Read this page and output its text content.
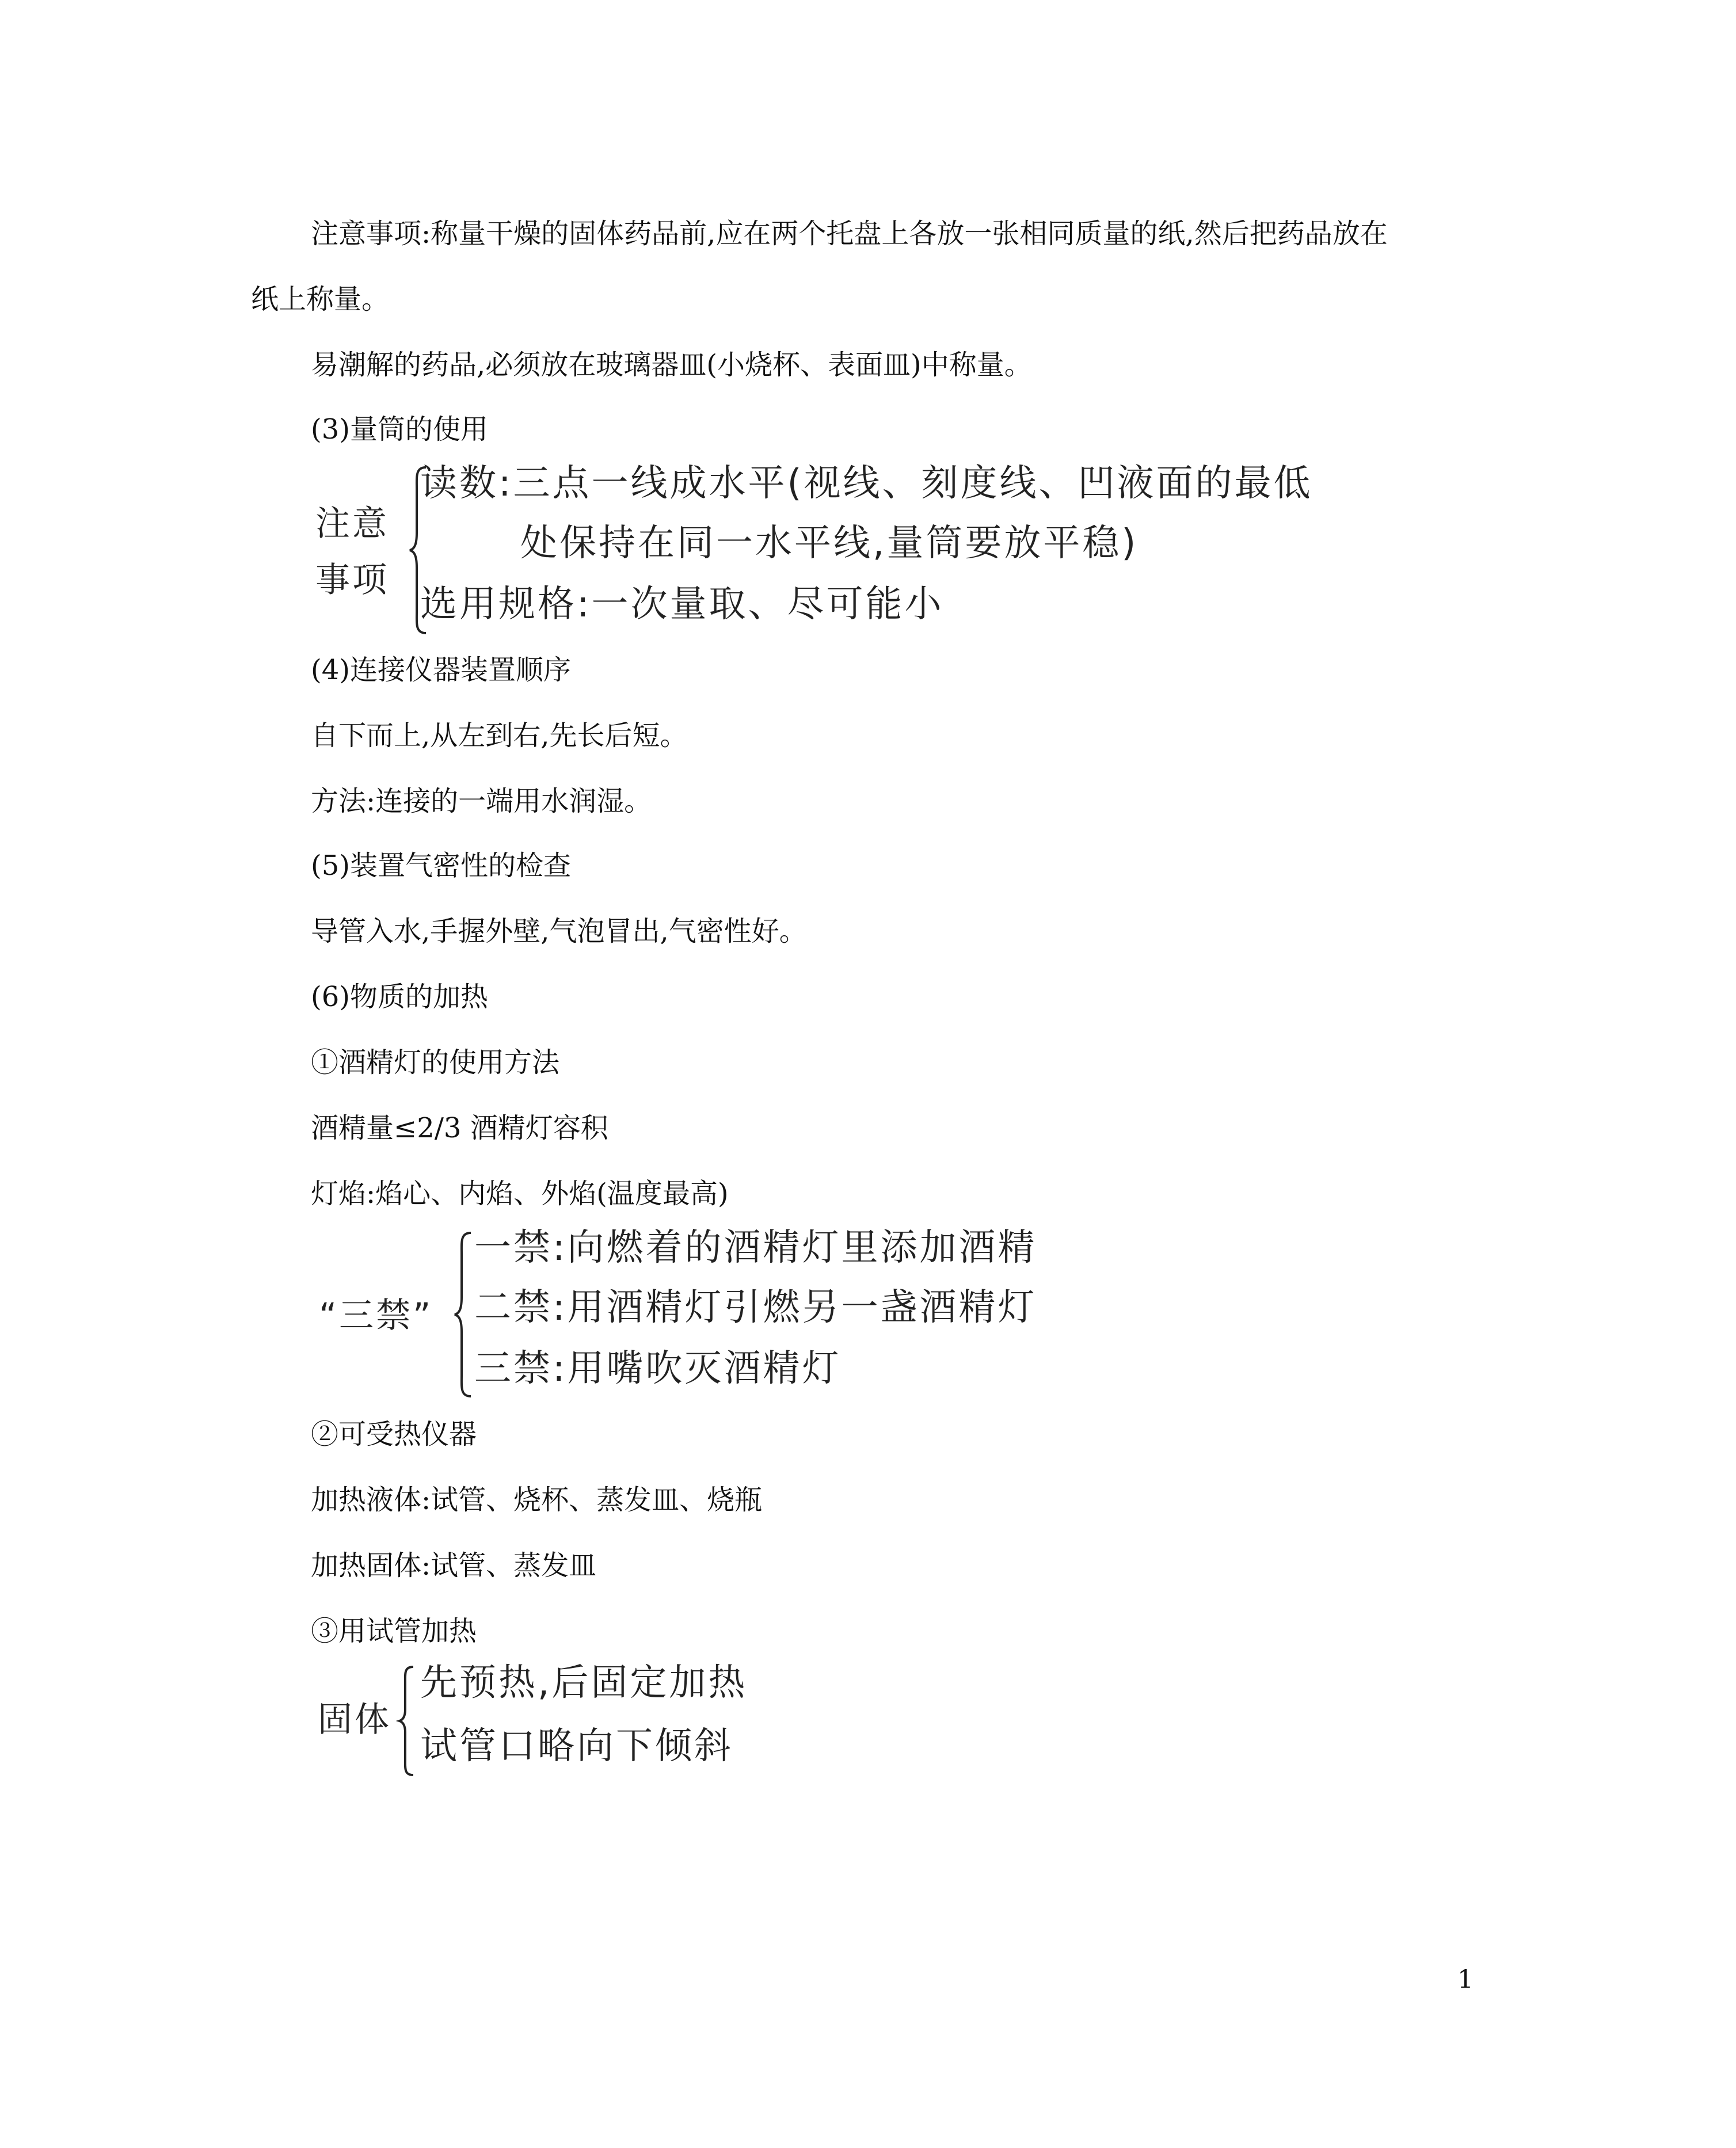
注意事项:称量干燥的固体药品前,应在两个托盘上各放一张相同质量的纸,然后把药品放在
纸上称量。
易潮解的药品,必须放在玻璃器皿(小烧杯、表面皿)中称量。
(3)量筒的使用
注意
事项
读数:三点一线成水平(视线、刻度线、凹液面的最低
处保持在同一水平线,量筒要放平稳)
选用规格:一次量取、尽可能小
(4)连接仪器装置顺序
自下而上,从左到右,先长后短。
方法:连接的一端用水润湿。
(5)装置气密性的检查
导管入水,手握外壁,气泡冒出,气密性好。
(6)物质的加热
①酒精灯的使用方法
酒精量≤2/3 酒精灯容积
灯焰:焰心、内焰、外焰(温度最高)
“三禁”
一禁:向燃着的酒精灯里添加酒精
二禁:用酒精灯引燃另一盏酒精灯
三禁:用嘴吹灭酒精灯
②可受热仪器
加热液体:试管、烧杯、蒸发皿、烧瓶
加热固体:试管、蒸发皿
③用试管加热
固体
先预热,后固定加热
试管口略向下倾斜
1
